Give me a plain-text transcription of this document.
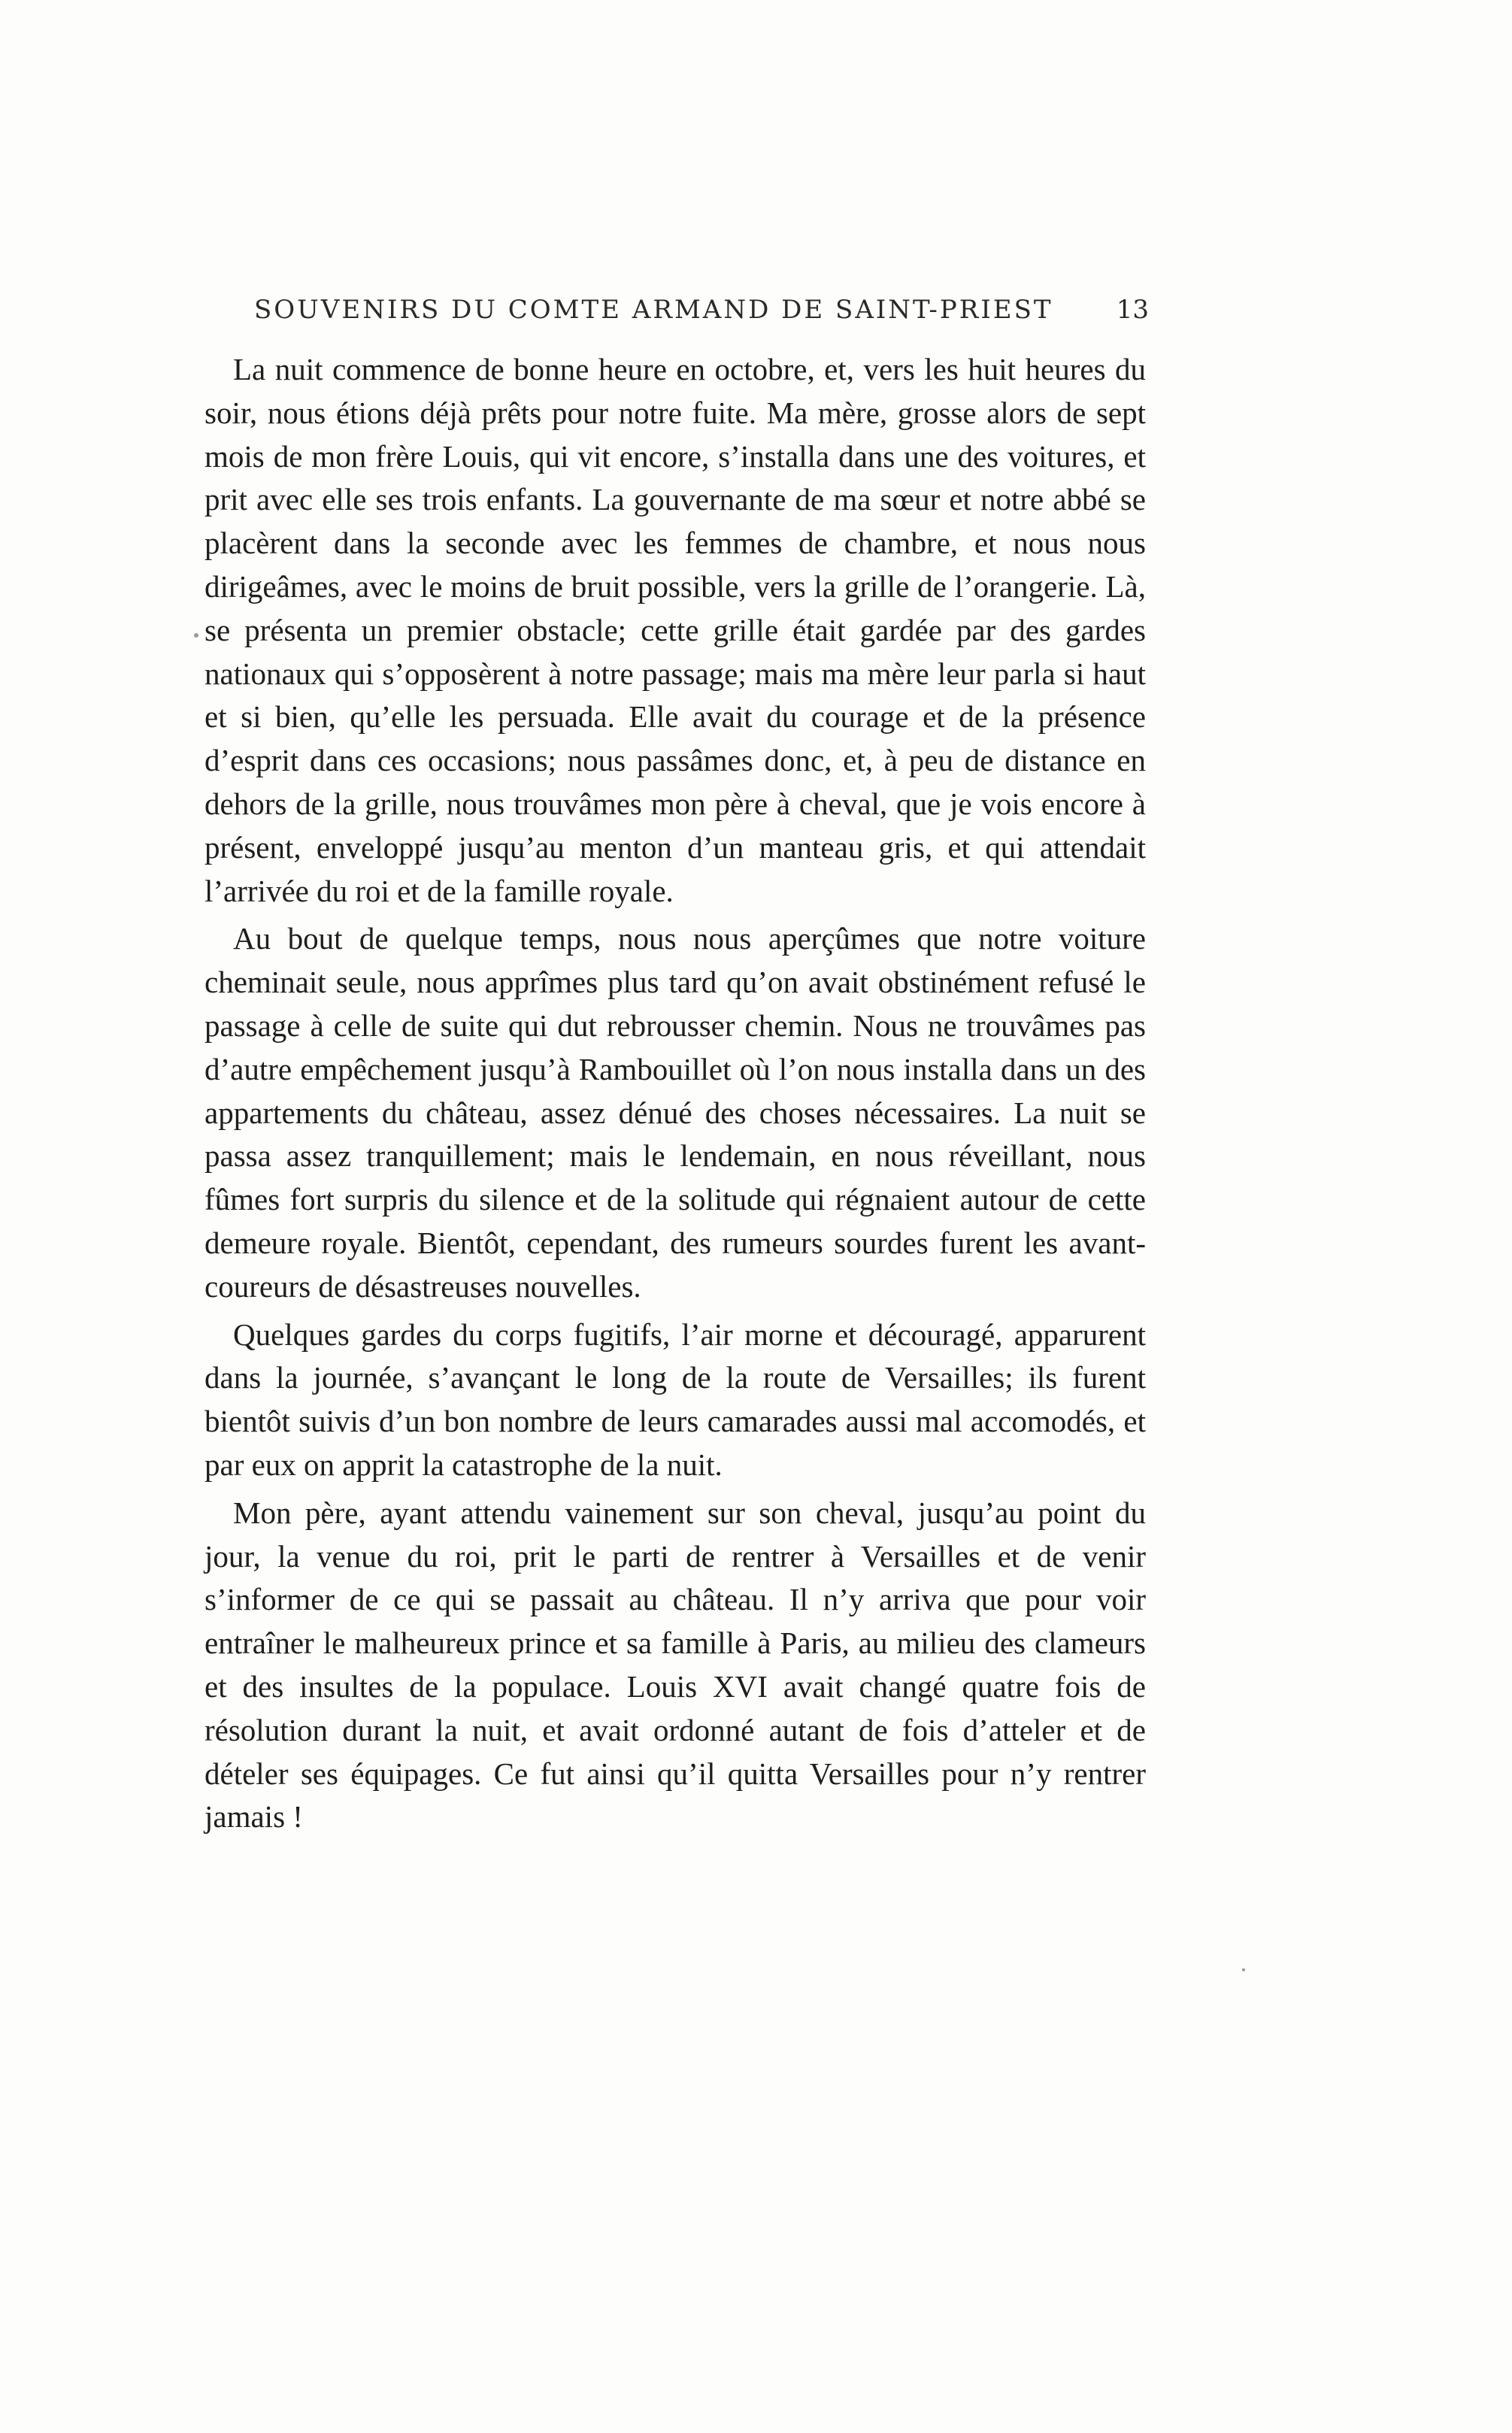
SOUVENIRS DU COMTE ARMAND DE SAINT-PRIEST 13

La nuit commence de bonne heure en octobre, et, vers les huit heures du soir, nous étions déjà prêts pour notre fuite. Ma mère, grosse alors de sept mois de mon frère Louis, qui vit encore, s’installa dans une des voitures, et prit avec elle ses trois enfants. La gouvernante de ma sœur et notre abbé se placèrent dans la seconde avec les femmes de chambre, et nous nous dirigeâmes, avec le moins de bruit possible, vers la grille de l’orangerie. Là, se présenta un premier obstacle; cette grille était gardée par des gardes nationaux qui s’opposèrent à notre passage; mais ma mère leur parla si haut et si bien, qu’elle les persuada. Elle avait du courage et de la présence d’esprit dans ces occasions; nous passâmes donc, et, à peu de distance en dehors de la grille, nous trouvâmes mon père à cheval, que je vois encore à présent, enveloppé jusqu’au menton d’un manteau gris, et qui attendait l’arrivée du roi et de la famille royale.

Au bout de quelque temps, nous nous aperçûmes que notre voiture cheminait seule, nous apprîmes plus tard qu’on avait obstinément refusé le passage à celle de suite qui dut rebrousser chemin. Nous ne trouvâmes pas d’autre empêchement jusqu’à Rambouillet où l’on nous installa dans un des appartements du château, assez dénué des choses nécessaires. La nuit se passa assez tranquillement; mais le lendemain, en nous réveillant, nous fûmes fort surpris du silence et de la solitude qui régnaient autour de cette demeure royale. Bientôt, cependant, des rumeurs sourdes furent les avantcoureurs de désastreuses nouvelles.

Quelques gardes du corps fugitifs, l’air morne et découragé, apparurent dans la journée, s’avançant le long de la route de Versailles; ils furent bientôt suivis d’un bon nombre de leurs camarades aussi mal accomodés, et par eux on apprit la catastrophe de la nuit.

Mon père, ayant attendu vainement sur son cheval, jusqu’au point du jour, la venue du roi, prit le parti de rentrer à Versailles et de venir s’informer de ce qui se passait au château. Il n’y arriva que pour voir entraîner le malheureux prince et sa famille à Paris, au milieu des clameurs et des insultes de la populace. Louis XVI avait changé quatre fois de résolution durant la nuit, et avait ordonné autant de fois d’atteler et de dételer ses équipages. Ce fut ainsi qu’il quitta Versailles pour n’y rentrer jamais !
